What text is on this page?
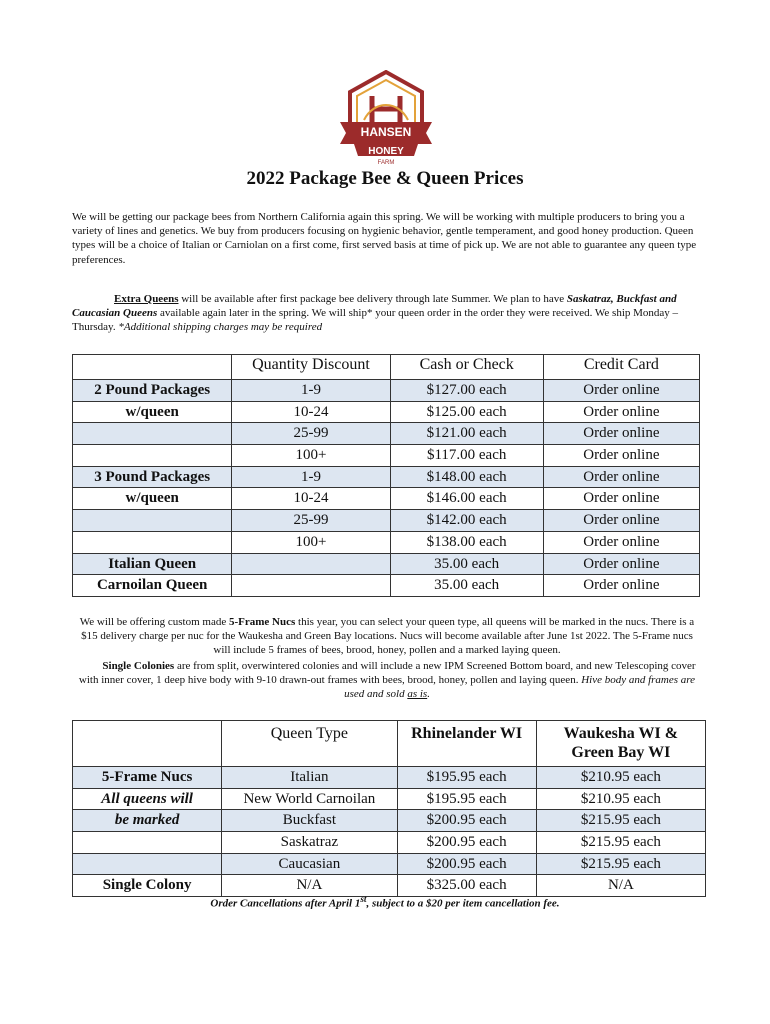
HANSEN
HONEY
FARM
2022 Package Bee & Queen Prices

We will be getting our package bees from Northern California again this spring. We will be working with multiple producers to bring you a variety of lines and genetics. We buy from producers focusing on hygienic behavior, gentle temperament, and good honey production. Queen types will be a choice of Italian or Carniolan on a first come, first served basis at time of pick up. We are not able to guarantee any queen type preferences.

Extra Queens will be available after first package bee delivery through late Summer. We plan to have Saskatraz, Buckfast and Caucasian Queens available again later in the spring. We will ship* your queen order in the order they were received. We ship Monday – Thursday. *Additional shipping charges may be required

	Quantity Discount	Cash or Check	Credit Card
2 Pound Packages	1-9	$127.00 each	Order online
w/queen	10-24	$125.00 each	Order online
	25-99	$121.00 each	Order online
	100+	$117.00 each	Order online
3 Pound Packages	1-9	$148.00 each	Order online
w/queen	10-24	$146.00 each	Order online
	25-99	$142.00 each	Order online
	100+	$138.00 each	Order online
Italian Queen		35.00 each	Order online
Carnoilan Queen		35.00 each	Order online

We will be offering custom made 5-Frame Nucs this year, you can select your queen type, all queens will be marked in the nucs. There is a $15 delivery charge per nuc for the Waukesha and Green Bay locations. Nucs will become available after June 1st 2022. The 5-Frame nucs will include 5 frames of bees, brood, honey, pollen and a marked laying queen.

Single Colonies are from split, overwintered colonies and will include a new IPM Screened Bottom board, and new Telescoping cover with inner cover, 1 deep hive body with 9-10 drawn-out frames with bees, brood, honey, pollen and laying queen. Hive body and frames are used and sold as is.

	Queen Type	Rhinelander WI	Waukesha WI & Green Bay WI
5-Frame Nucs	Italian	$195.95 each	$210.95 each
All queens will	New World Carnoilan	$195.95 each	$210.95 each
be marked	Buckfast	$200.95 each	$215.95 each
	Saskatraz	$200.95 each	$215.95 each
	Caucasian	$200.95 each	$215.95 each
Single Colony	N/A	$325.00 each	N/A
Order Cancellations after April 1st, subject to a $20 per item cancellation fee.
